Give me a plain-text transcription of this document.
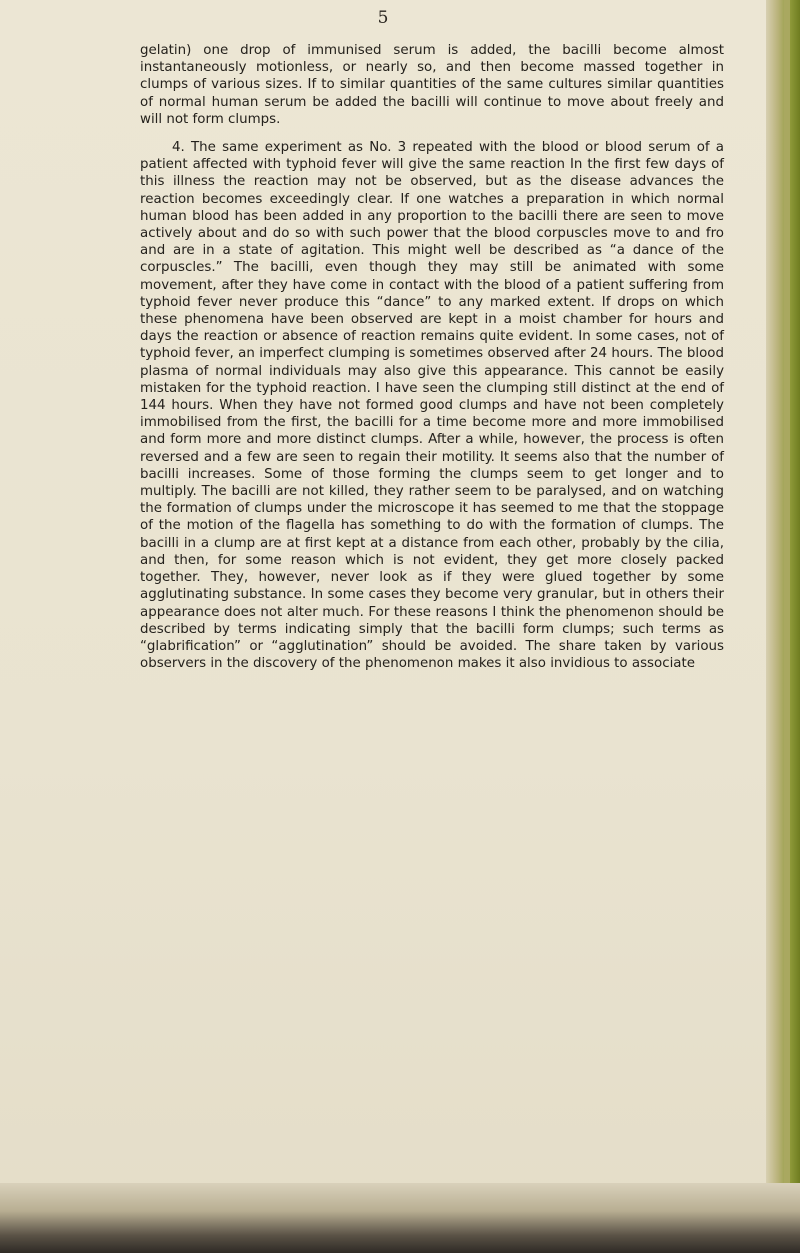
5

gelatin) one drop of immunised serum is added, the bacilli become almost instantaneously motionless, or nearly so, and then become massed together in clumps of various sizes. If to similar quantities of the same cultures similar quantities of normal human serum be added the bacilli will continue to move about freely and will not form clumps.

4. The same experiment as No. 3 repeated with the blood or blood serum of a patient affected with typhoid fever will give the same reaction In the first few days of this illness the reaction may not be observed, but as the disease advances the reaction becomes exceedingly clear. If one watches a preparation in which normal human blood has been added in any proportion to the bacilli there are seen to move actively about and do so with such power that the blood corpuscles move to and fro and are in a state of agitation. This might well be described as “a dance of the corpuscles.” The bacilli, even though they may still be animated with some movement, after they have come in contact with the blood of a patient suffering from typhoid fever never produce this “dance” to any marked extent. If drops on which these phenomena have been observed are kept in a moist chamber for hours and days the reaction or absence of reaction remains quite evident. In some cases, not of typhoid fever, an imperfect clumping is sometimes observed after 24 hours. The blood plasma of normal individuals may also give this appearance. This cannot be easily mistaken for the typhoid reaction. I have seen the clumping still distinct at the end of 144 hours. When they have not formed good clumps and have not been completely immobilised from the first, the bacilli for a time become more and more immobilised and form more and more distinct clumps. After a while, however, the process is often reversed and a few are seen to regain their motility. It seems also that the number of bacilli increases. Some of those forming the clumps seem to get longer and to multiply. The bacilli are not killed, they rather seem to be paralysed, and on watching the formation of clumps under the microscope it has seemed to me that the stoppage of the motion of the flagella has something to do with the formation of clumps. The bacilli in a clump are at first kept at a distance from each other, probably by the cilia, and then, for some reason which is not evident, they get more closely packed together. They, however, never look as if they were glued together by some agglutinating substance. In some cases they become very granular, but in others their appearance does not alter much. For these reasons I think the phenomenon should be described by terms indicating simply that the bacilli form clumps; such terms as “glabrification” or “agglutination” should be avoided. The share taken by various observers in the discovery of the phenomenon makes it also invidious to associate
